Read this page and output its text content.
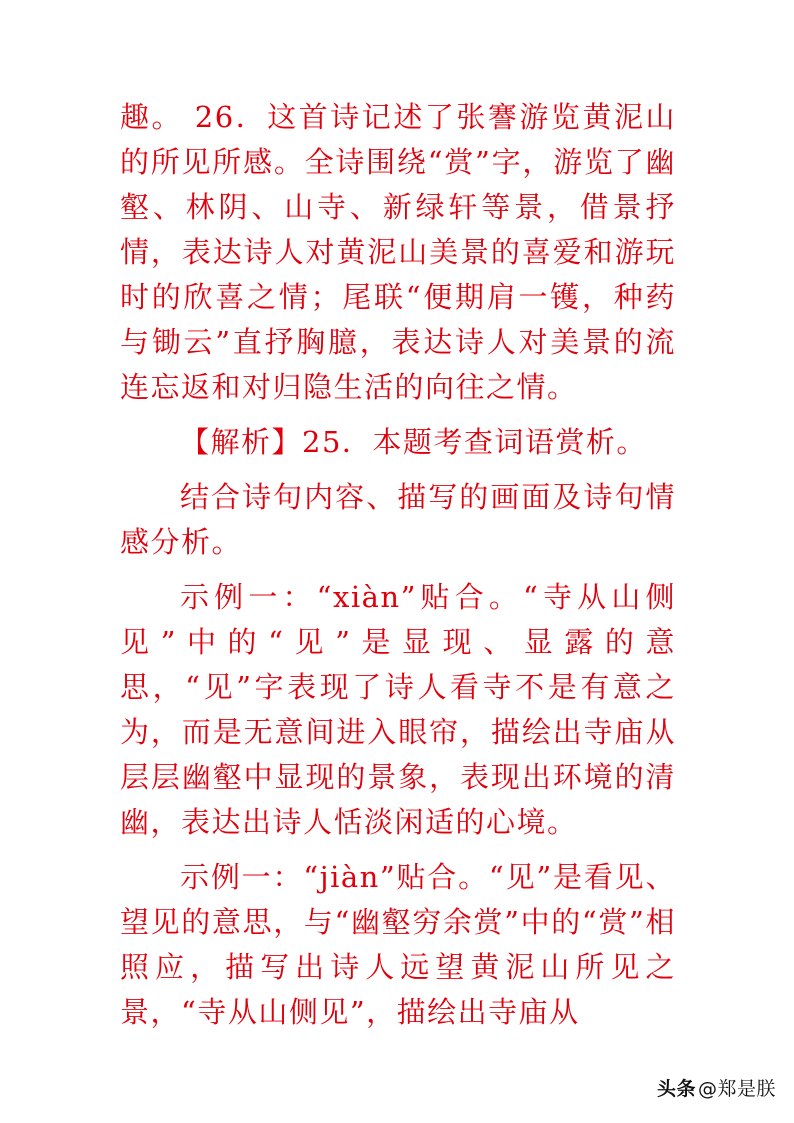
趣。 26．这首诗记述了张謇游览黄泥山的所见所感。全诗围绕“赏”字，游览了幽壑、林阴、山寺、新绿轩等景，借景抒情，表达诗人对黄泥山美景的喜爱和游玩时的欣喜之情；尾联“便期肩一镬，种药与锄云”直抒胸臆，表达诗人对美景的流连忘返和对归隐生活的向往之情。

【解析】25．本题考查词语赏析。

结合诗句内容、描写的画面及诗句情感分析。

示例一：“xiàn”贴合。“寺从山侧见”中的“见”是显现、显露的意思，“见”字表现了诗人看寺不是有意之为，而是无意间进入眼帘，描绘出寺庙从层层幽壑中显现的景象，表现出环境的清幽，表达出诗人恬淡闲适的心境。

示例一：“jiàn”贴合。“见”是看见、望见的意思，与“幽壑穷余赏”中的“赏”相照应，描写出诗人远望黄泥山所见之景，“寺从山侧见”，描绘出寺庙从

头条 @郑是朕
